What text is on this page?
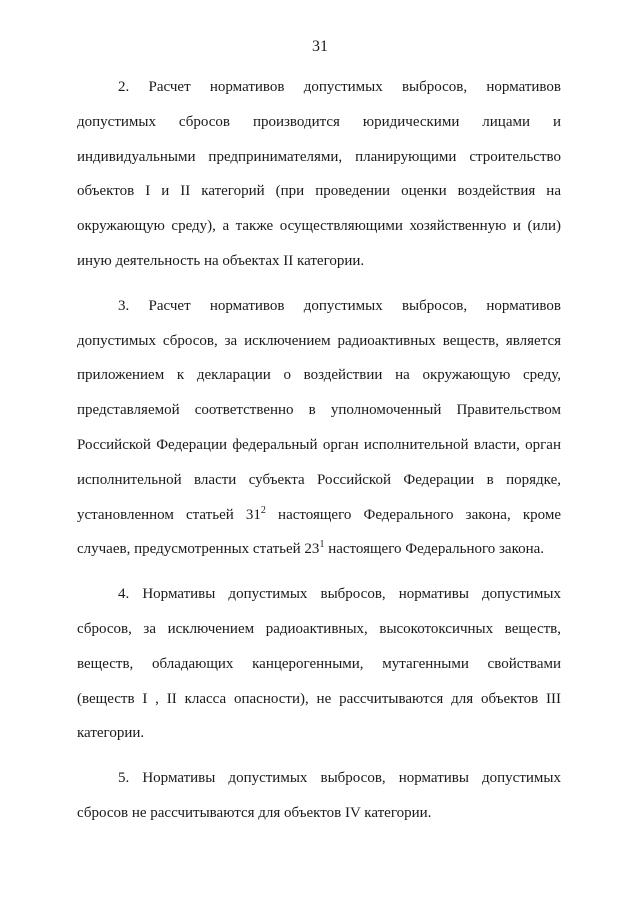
31

2. Расчет нормативов допустимых выбросов, нормативов допустимых сбросов производится юридическими лицами и индивидуальными предпринимателями, планирующими строительство объектов I и II категорий (при проведении оценки воздействия на окружающую среду), а также осуществляющими хозяйственную и (или) иную деятельность на объектах II категории.

3. Расчет нормативов допустимых выбросов, нормативов допустимых сбросов, за исключением радиоактивных веществ, является приложением к декларации о воздействии на окружающую среду, представляемой соответственно в уполномоченный Правительством Российской Федерации федеральный орган исполнительной власти, орган исполнительной власти субъекта Российской Федерации в порядке, установленном статьей $31^2$ настоящего Федерального закона, кроме случаев, предусмотренных статьей $23^1$ настоящего Федерального закона.

4. Нормативы допустимых выбросов, нормативы допустимых сбросов, за исключением радиоактивных, высокотоксичных веществ, веществ, обладающих канцерогенными, мутагенными свойствами (веществ I , II класса опасности), не рассчитываются для объектов III категории.

5. Нормативы допустимых выбросов, нормативы допустимых сбросов не рассчитываются для объектов IV категории.
